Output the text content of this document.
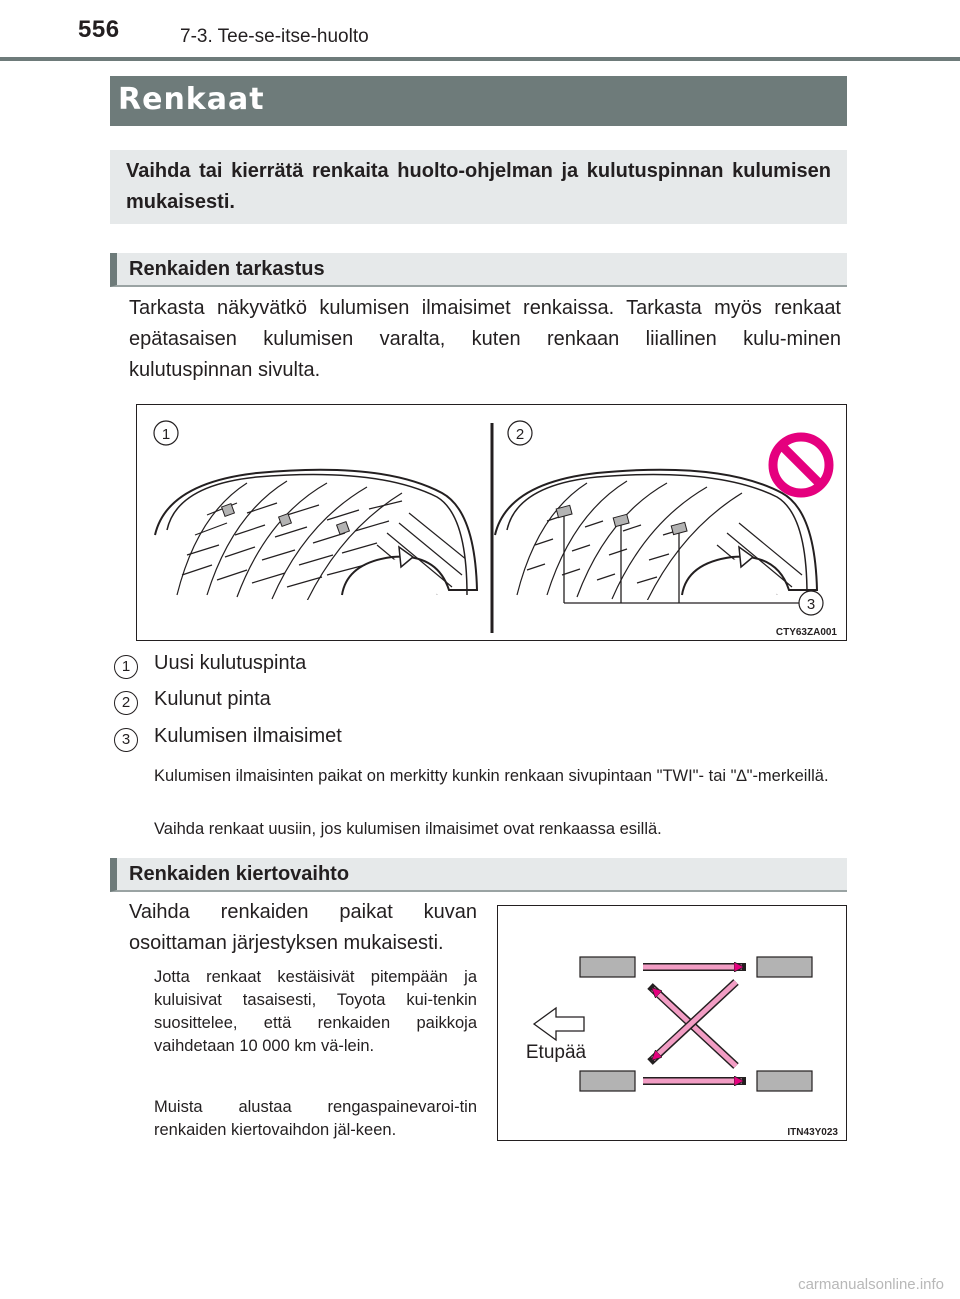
556	7-3. Tee-se-itse-huolto
Renkaat

Vaihda tai kierrätä renkaita huolto-ohjelman ja kulutuspinnan kulumisen mukaisesti.

Renkaiden tarkastus

Tarkasta näkyvätkö kulumisen ilmaisimet renkaissa. Tarkasta myös renkaat epätasaisen kulumisen varalta, kuten renkaan liiallinen kulu-minen kulutuspinnan sivulta.

1	2
3
CTY63ZA001
1	Uusi kulutuspinta
2	Kulunut pinta
3	Kulumisen ilmaisimet

Kulumisen ilmaisinten paikat on merkitty kunkin renkaan sivupintaan "TWI"- tai "∆"-merkeillä.

Vaihda renkaat uusiin, jos kulumisen ilmaisimet ovat renkaassa esillä.

Renkaiden kiertovaihto

Vaihda renkaiden paikat kuvan osoittaman järjestyksen mukaisesti.

Jotta renkaat kestäisivät pitempään ja kuluisivat tasaisesti, Toyota kui-tenkin suosittelee, että renkaiden paikkoja vaihdetaan 10 000 km vä-lein.

Muista alustaa rengaspainevaroi-tin renkaiden kiertovaihdon jäl-keen.

Etupää
ITN43Y023
carmanualsonline.info
